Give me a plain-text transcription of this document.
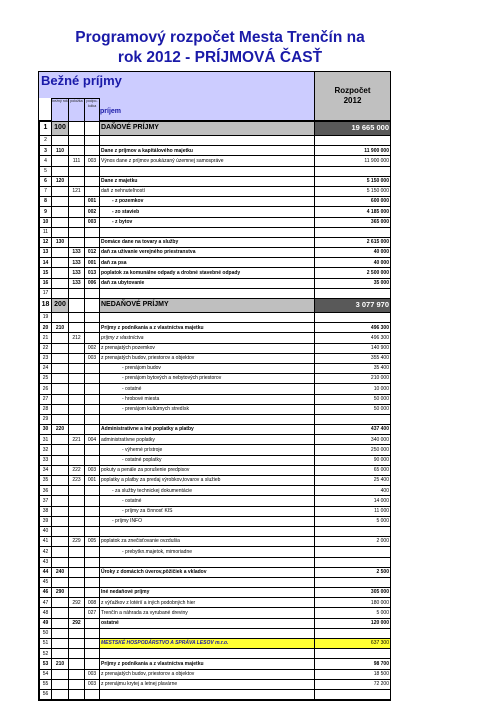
Programový rozpočet Mesta Trenčín na
rok 2012 - PRÍJMOVÁ ČASŤ
Bežné príjmy
bežný rok položka	podpo-ložka
príjem
Rozpočet
2012
1	100			DAŇOVÉ PRÍJMY	19 665 000
2					
3	110			Dane z príjmov a kapitálového majetku	11 900 000
4		111	003	Výnos dane z príjmov poukázaný územnej samospráve	11 900 000
5					
6	120			Dane z majetku	5 150 000
7		121		daň z nehnuteľností	5 150 000
8			001	- z pozemkov	600 000
9			002	- zo stavieb	4 185 000
10			003	- z bytov	365 000
11					
12	130			Domáce dane na tovary a služby	2 615 000
13		133	012	daň za užívanie verejného priestranstva	40 000
14		133	001	daň za psa	40 000
15		133	013	poplatok za komunálne odpady a drobné stavebné odpady	2 500 000
16		133	006	daň za ubytovanie	35 000
17					
18	200			NEDAŇOVÉ PRÍJMY	3 077 970
19					
20	210			Príjmy z podnikania a z vlastníctva majetku	496 300
21		212		príjmy z vlastníctva	496 300
22			002	z prenajatých pozemkov	140 900
23			003	z prenajatých budov, priestorov a objektov	355 400
24				- prenájom budov	35 400
25				- prenájom bytových a nebytových priestorov	210 000
26				- ostatné	10 000
27				- hrobové miesta	50 000
28				- prenájom kultúrnych stredísk	50 000
29					
30	220			Administratívne a iné poplatky a platby	437 400
31		221	004	administratívne poplatky	340 000
32				- výherné prístroje	250 000
33				- ostatné poplatky	90 000
34		222	003	pokuty a penále za porušenie predpisov	65 000
35		223	001	poplatky a platby za predaj výrobkov,tovarov a služieb	25 400
36				- za služby technickej dokumentácie	400
37				- ostatné	14 000
38				- príjmy za činnosť KIS	11 000
39				- príjmy INFO	5 000
40					
41		229	005	poplatok za znečisťovanie ovzdušia	2 000
42				- prebytkn.majetok, mimoriadne	
43					
44	240			Úroky z domácich úverov,pôžičiek a vkladov	2 500
45					
46	290			Iné nedaňové príjmy	305 000
47		292	008	z výťažkov z lotérií a iných podobných hier	180 000
48			027	Trenčín a náhrada za vyrubané dreviny	5 000
49		292		ostatné	120 000
50					
51				MESTSKÉ HOSPODÁRSTVO A SPRÁVA LESOV m.r.o.	637 300
52					
53	210			Príjmy z podnikania a z vlastníctva majetku	98 700
54			003	z prenajatých budov, priestorov a objektov	18 500
55			003	z prenájmu krytej a letnej plavárne	72 200
56					
